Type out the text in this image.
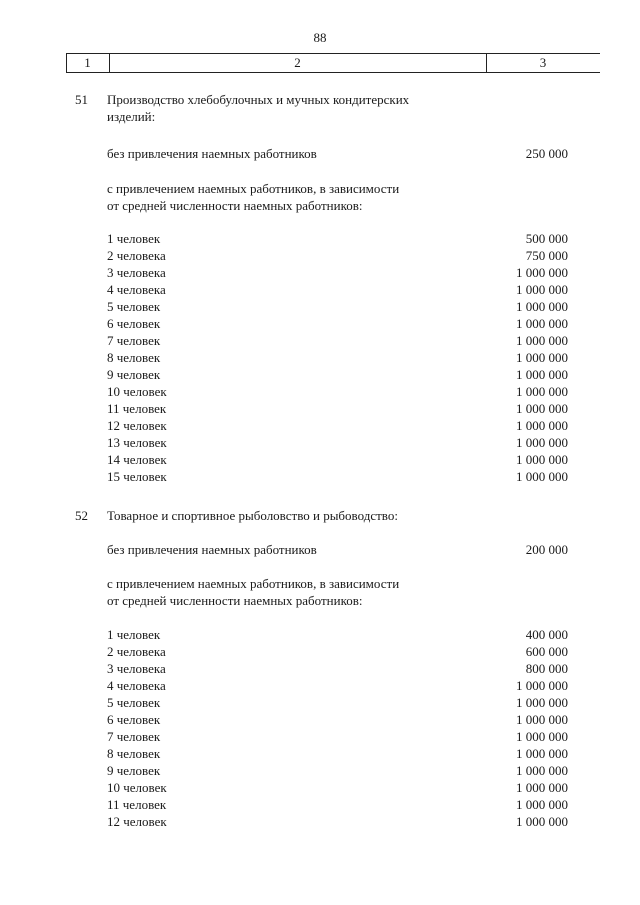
88
1	2	3
51 Производство хлебобулочных и мучных кондитерских
изделий:
без привлечения наемных работников	250 000
с привлечением наемных работников, в зависимости
от средней численности наемных работников:
1 человек	500 000
2 человека	750 000
3 человека	1 000 000
4 человека	1 000 000
5 человек	1 000 000
6 человек	1 000 000
7 человек	1 000 000
8 человек	1 000 000
9 человек	1 000 000
10 человек	1 000 000
11 человек	1 000 000
12 человек	1 000 000
13 человек	1 000 000
14 человек	1 000 000
15 человек	1 000 000
52 Товарное и спортивное рыболовство и рыбоводство:
без привлечения наемных работников	200 000
с привлечением наемных работников, в зависимости
от средней численности наемных работников:
1 человек	400 000
2 человека	600 000
3 человека	800 000
4 человека	1 000 000
5 человек	1 000 000
6 человек	1 000 000
7 человек	1 000 000
8 человек	1 000 000
9 человек	1 000 000
10 человек	1 000 000
11 человек	1 000 000
12 человек	1 000 000
